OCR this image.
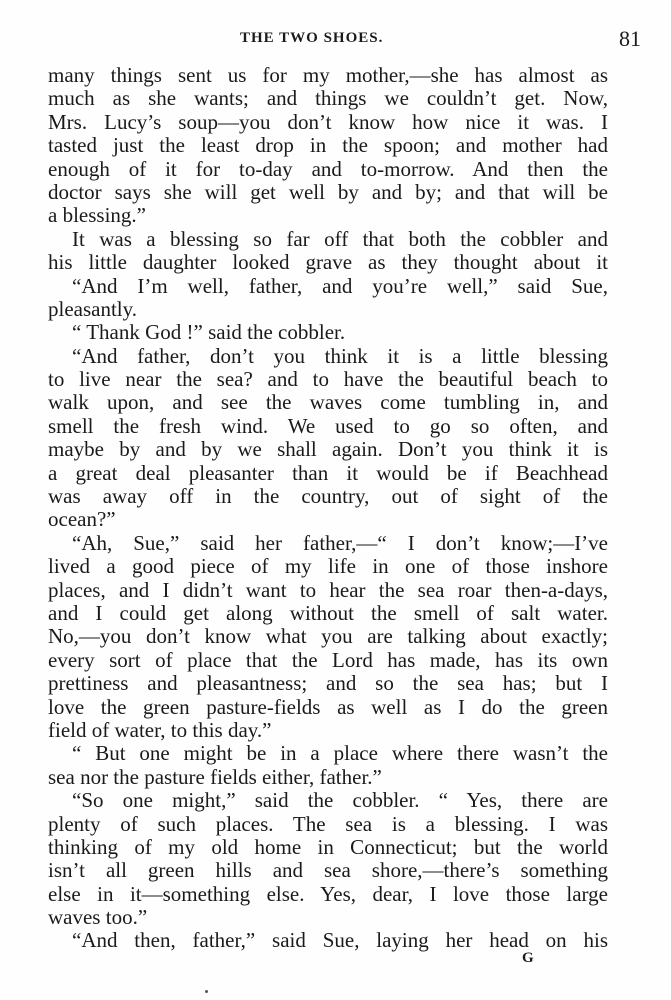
THE TWO SHOES.	81
many things sent us for my mother,—she has almost as
much as she wants; and things we couldn’t get. Now,
Mrs. Lucy’s soup—you don’t know how nice it was. I
tasted just the least drop in the spoon; and mother had
enough of it for to-day and to-morrow. And then the
doctor says she will get well by and by; and that will be
a blessing.”
It was a blessing so far off that both the cobbler and
his little daughter looked grave as they thought about it
“And I’m well, father, and you’re well,” said Sue,
pleasantly.
“ Thank God !” said the cobbler.
“And father, don’t you think it is a little blessing
to live near the sea? and to have the beautiful beach to
walk upon, and see the waves come tumbling in, and
smell the fresh wind. We used to go so often, and
maybe by and by we shall again. Don’t you think it is
a great deal pleasanter than it would be if Beachhead
was away off in the country, out of sight of the
ocean?”
“Ah, Sue,” said her father,—“ I don’t know;—I’ve
lived a good piece of my life in one of those inshore
places, and I didn’t want to hear the sea roar then-a-days,
and I could get along without the smell of salt water.
No,—you don’t know what you are talking about exactly;
every sort of place that the Lord has made, has its own
prettiness and pleasantness; and so the sea has; but I
love the green pasture-fields as well as I do the green
field of water, to this day.”
“ But one might be in a place where there wasn’t the
sea nor the pasture fields either, father.”
“So one might,” said the cobbler. “ Yes, there are
plenty of such places. The sea is a blessing. I was
thinking of my old home in Connecticut; but the world
isn’t all green hills and sea shore,—there’s something
else in it—something else. Yes, dear, I love those large
waves too.”
“And then, father,” said Sue, laying her head on his
G
